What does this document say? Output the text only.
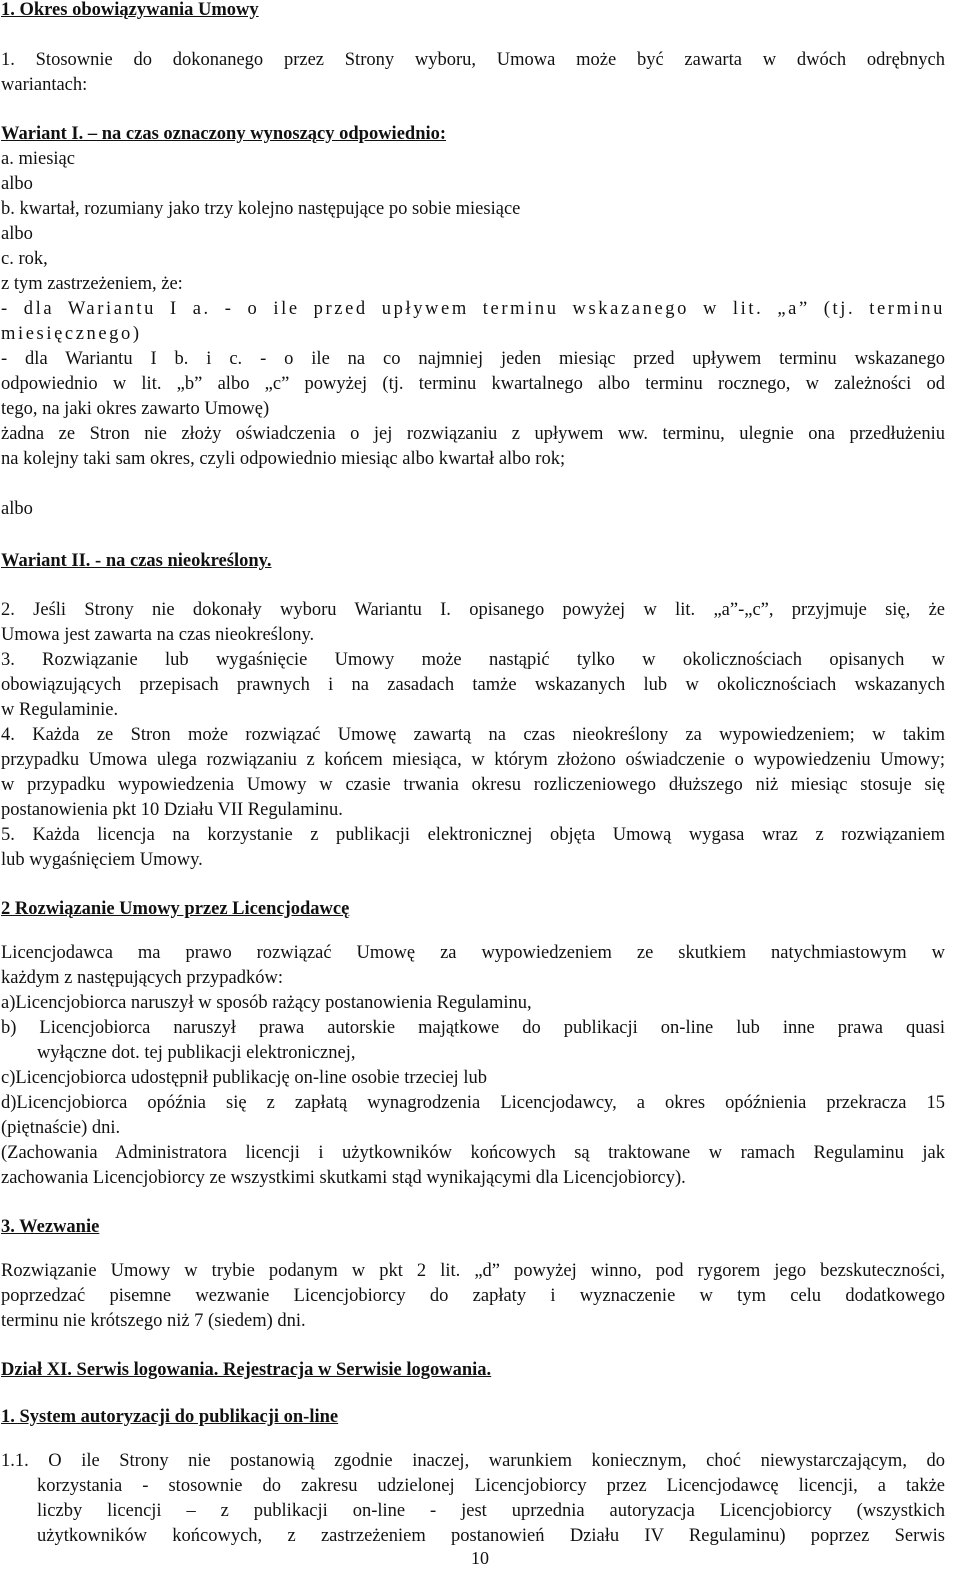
1. Okres obowiązywania Umowy

1. Stosownie do dokonanego przez Strony wyboru, Umowa może być zawarta w dwóch odrębnych

wariantach:

Wariant I. – na czas oznaczony wynoszący odpowiednio:

a. miesiąc

albo

b. kwartał, rozumiany jako trzy kolejno następujące po sobie miesiące

albo

c. rok,

z tym zastrzeżeniem, że:

- dla Wariantu I a. - o ile przed upływem terminu wskazanego w lit. „a” (tj. terminu

miesięcznego)

- dla Wariantu I b. i c. - o ile na co najmniej jeden miesiąc przed upływem terminu wskazanego

odpowiednio w lit. „b” albo „c” powyżej (tj. terminu kwartalnego albo terminu rocznego, w zależności od

tego, na jaki okres zawarto Umowę)

żadna ze Stron nie złoży oświadczenia o jej rozwiązaniu z upływem ww. terminu, ulegnie ona przedłużeniu

na kolejny taki sam okres, czyli odpowiednio miesiąc albo kwartał albo rok;

albo

Wariant II. - na czas nieokreślony.

2. Jeśli Strony nie dokonały wyboru Wariantu I. opisanego powyżej w lit. „a”-„c”, przyjmuje się, że

Umowa jest zawarta na czas nieokreślony.

3. Rozwiązanie lub wygaśnięcie Umowy może nastąpić tylko w okolicznościach opisanych w

obowiązujących przepisach prawnych i na zasadach tamże wskazanych lub w okolicznościach wskazanych

w Regulaminie.

4. Każda ze Stron może rozwiązać Umowę zawartą na czas nieokreślony za wypowiedzeniem; w takim

przypadku Umowa ulega rozwiązaniu z końcem miesiąca, w którym złożono oświadczenie o wypowiedzeniu Umowy;

w przypadku wypowiedzenia Umowy w czasie trwania okresu rozliczeniowego dłuższego niż miesiąc stosuje się

postanowienia pkt 10 Działu VII Regulaminu.

5. Każda licencja na korzystanie z publikacji elektronicznej objęta Umową wygasa wraz z rozwiązaniem

lub wygaśnięciem Umowy.

2 Rozwiązanie Umowy przez Licencjodawcę

Licencjodawca ma prawo rozwiązać Umowę za wypowiedzeniem ze skutkiem natychmiastowym w

każdym z następujących przypadków:

a)Licencjobiorca naruszył w sposób rażący postanowienia Regulaminu,

b) Licencjobiorca naruszył prawa autorskie majątkowe do publikacji on-line lub inne prawa quasi

wyłączne dot. tej publikacji elektronicznej,

c)Licencjobiorca udostępnił publikację on-line osobie trzeciej lub

d)Licencjobiorca opóźnia się z zapłatą wynagrodzenia Licencjodawcy, a okres opóźnienia przekracza 15

(piętnaście) dni.

(Zachowania Administratora licencji i użytkowników końcowych są traktowane w ramach Regulaminu jak

zachowania Licencjobiorcy ze wszystkimi skutkami stąd wynikającymi dla Licencjobiorcy).

3. Wezwanie

Rozwiązanie Umowy w trybie podanym w pkt 2 lit. „d” powyżej winno, pod rygorem jego bezskuteczności,

poprzedzać pisemne wezwanie Licencjobiorcy do zapłaty i wyznaczenie w tym celu dodatkowego

terminu nie krótszego niż 7 (siedem) dni.

Dział XI. Serwis logowania. Rejestracja w Serwisie logowania.

1. System autoryzacji do publikacji on-line

1.1. O ile Strony nie postanowią zgodnie inaczej, warunkiem koniecznym, choć niewystarczającym, do

korzystania - stosownie do zakresu udzielonej Licencjobiorcy przez Licencjodawcę licencji, a także

liczby licencji – z publikacji on-line - jest uprzednia autoryzacja Licencjobiorcy (wszystkich

użytkowników końcowych, z zastrzeżeniem postanowień Działu IV Regulaminu) poprzez Serwis

10
